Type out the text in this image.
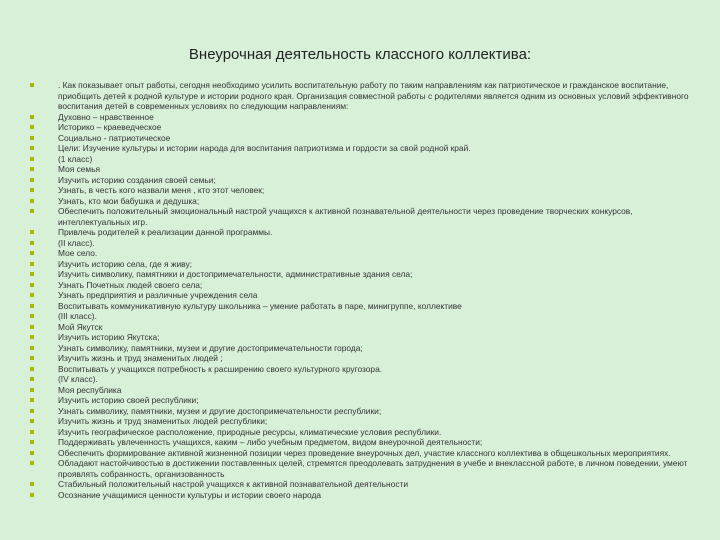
Внеурочная деятельность классного коллектива:
. Как показывает опыт работы, сегодня необходимо усилить воспитательную работу по таким направлениям как патриотическое и гражданское воспитание, приобщить детей к родной культуре и истории родного края. Организация совместной работы с родителями является одним из основных условий эффективного воспитания детей в современных условиях по следующим направлениям:
Духовно – нравственное
Историко – краеведческое
Социально - патриотическое
Цели: Изучение культуры и истории народа для воспитания патриотизма и гордости за свой родной край.
(1 класс)
Моя семья
Изучить историю создания своей семьи;
Узнать, в честь кого назвали меня , кто этот человек;
Узнать, кто мои бабушка и дедушка;
Обеспечить положительный эмоциональный настрой учащихся к активной познавательной деятельности через проведение творческих конкурсов, интеллектуальных игр.
Привлечь родителей к реализации данной программы.
(II класс).
Мое село.
Изучить историю села, где я живу;
Изучить символику, памятники и достопримечательности, административные здания села;
Узнать Почетных людей своего села;
Узнать предприятия и различные учреждения села
Воспитывать коммуникативную культуру школьника – умение работать в паре, минигруппе, коллективе
(III класс).
Мой Якутск
Изучить историю Якутска;
Узнать символику, памятники, музеи и другие достопримечательности города;
Изучить жизнь и труд знаменитых людей ;
Воспитывать у учащихся потребность к расширению своего культурного кругозора.
(IV класс).
Моя республика
Изучить историю своей республики;
Узнать символику, памятники, музеи и другие достопримечательности республики;
Изучить жизнь и труд знаменитых людей республики;
Изучить географическое расположение, природные ресурсы, климатические условия республики.
Поддерживать увлеченность учащихся, каким – либо учебным предметом, видом внеурочной деятельности;
Обеспечить формирование активной жизненной позиции через проведение внеурочных дел, участие классного коллектива в общешкольных мероприятиях.
Обладают настойчивостью в достижении поставленных целей, стремятся преодолевать затруднения в учебе и внеклассной работе, в личном поведении, умеют проявлять собранность, организованность
Стабильный положительный настрой учащихся к активной познавательной деятельности
Осознание учащимися ценности культуры и истории своего народа
